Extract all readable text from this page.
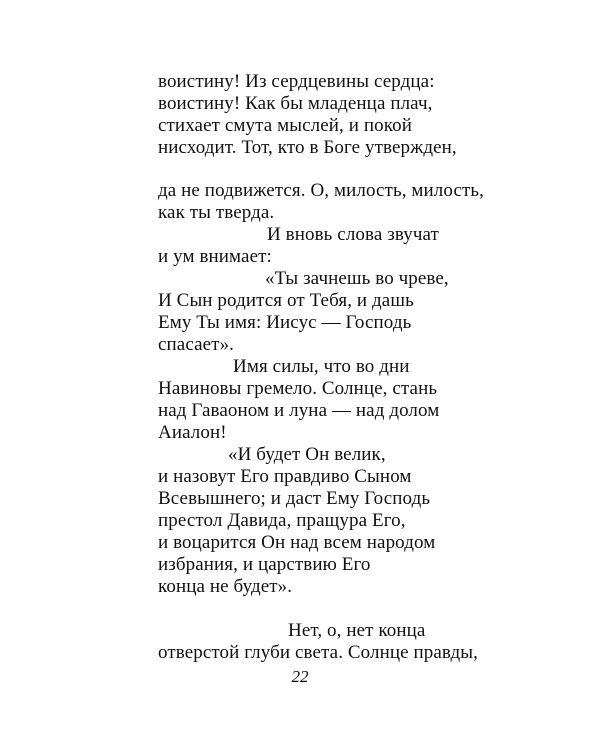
воистину! Из сердцевины сердца:
воистину! Как бы младенца плач,
стихает смута мыслей, и покой
нисходит. Тот, кто в Боге утвержден,
да не подвижется. О, милость, милость,
как ты тверда.
И вновь слова звучат
и ум внимает:
«Ты зачнешь во чреве,
И Сын родится от Тебя, и дашь
Ему Ты имя: Иисус — Господь
спасает».
Имя силы, что во дни
Навиновы гремело. Солнце, стань
над Гаваоном и луна — над долом
Аиалон!
«И будет Он велик,
и назовут Его правдиво Сыном
Всевышнего; и даст Ему Господь
престол Давида, пращура Его,
и воцарится Он над всем народом
избрания, и царствию Его
конца не будет».
Нет, о, нет конца
отверстой глуби света. Солнце правды,
22
